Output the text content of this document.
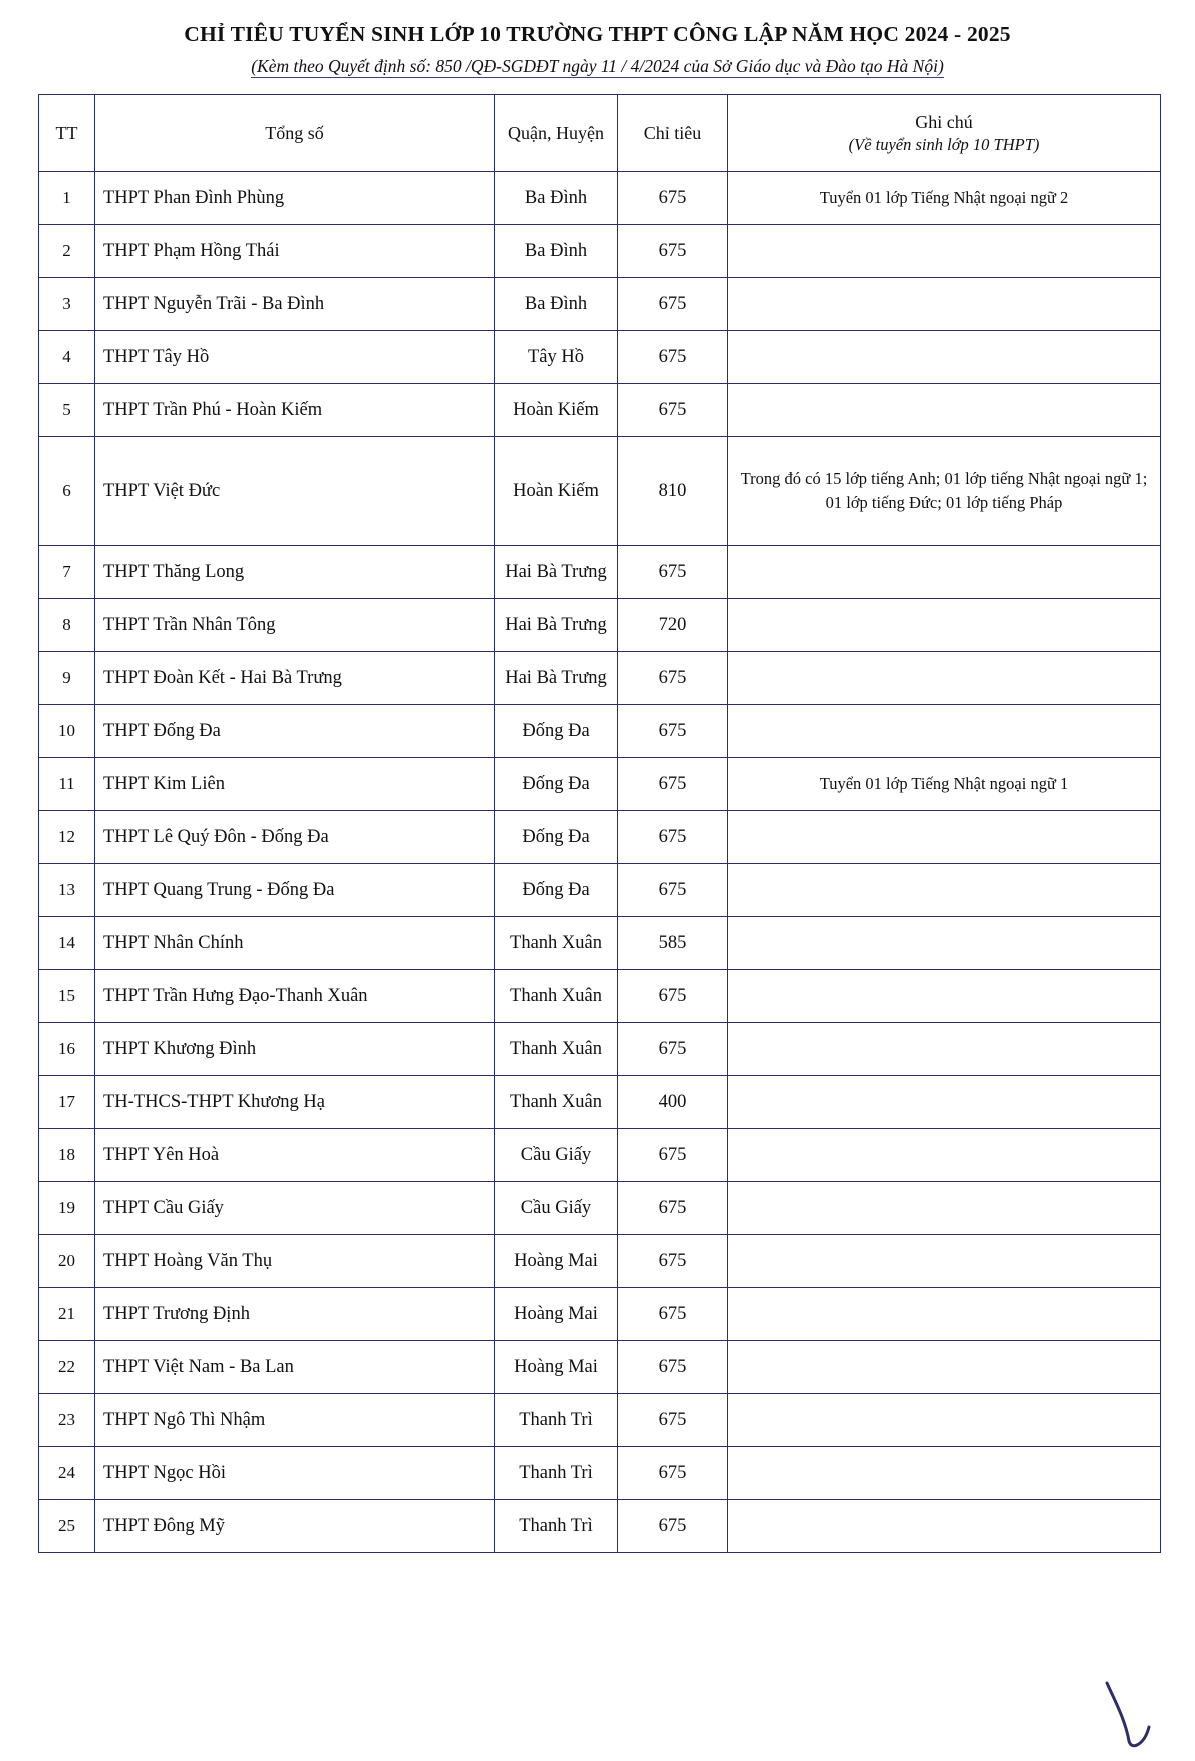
CHỈ TIÊU TUYỂN SINH LỚP 10 TRƯỜNG THPT CÔNG LẬP NĂM HỌC 2024 - 2025
(Kèm theo Quyết định số: 850 /QĐ-SGDĐT ngày 11 / 4/2024 của Sở Giáo dục và Đào tạo Hà Nội)
TT	Tổng số	Quận, Huyện	Chỉ tiêu	Ghi chú
(Về tuyển sinh lớp 10 THPT)

1	THPT Phan Đình Phùng	Ba Đình	675	Tuyển 01 lớp Tiếng Nhật ngoại ngữ 2
2	THPT Phạm Hồng Thái	Ba Đình	675	
3	THPT Nguyễn Trãi - Ba Đình	Ba Đình	675	
4	THPT Tây Hồ	Tây Hồ	675	
5	THPT Trần Phú - Hoàn Kiếm	Hoàn Kiếm	675	
6	THPT Việt Đức	Hoàn Kiếm	810	Trong đó có 15 lớp tiếng Anh; 01 lớp tiếng Nhật ngoại ngữ 1; 01 lớp tiếng Đức; 01 lớp tiếng Pháp
7	THPT Thăng Long	Hai Bà Trưng	675	
8	THPT Trần Nhân Tông	Hai Bà Trưng	720	
9	THPT Đoàn Kết - Hai Bà Trưng	Hai Bà Trưng	675	
10	THPT Đống Đa	Đống Đa	675	
11	THPT Kim Liên	Đống Đa	675	Tuyển 01 lớp Tiếng Nhật ngoại ngữ 1
12	THPT Lê Quý Đôn - Đống Đa	Đống Đa	675	
13	THPT Quang Trung - Đống Đa	Đống Đa	675	
14	THPT Nhân Chính	Thanh Xuân	585	
15	THPT Trần Hưng Đạo-Thanh Xuân	Thanh Xuân	675	
16	THPT Khương Đình	Thanh Xuân	675	
17	TH-THCS-THPT Khương Hạ	Thanh Xuân	400	
18	THPT Yên Hoà	Cầu Giấy	675	
19	THPT Cầu Giấy	Cầu Giấy	675	
20	THPT Hoàng Văn Thụ	Hoàng Mai	675	
21	THPT Trương Định	Hoàng Mai	675	
22	THPT Việt Nam - Ba Lan	Hoàng Mai	675	
23	THPT Ngô Thì Nhậm	Thanh Trì	675	
24	THPT Ngọc Hồi	Thanh Trì	675	
25	THPT Đông Mỹ	Thanh Trì	675	
